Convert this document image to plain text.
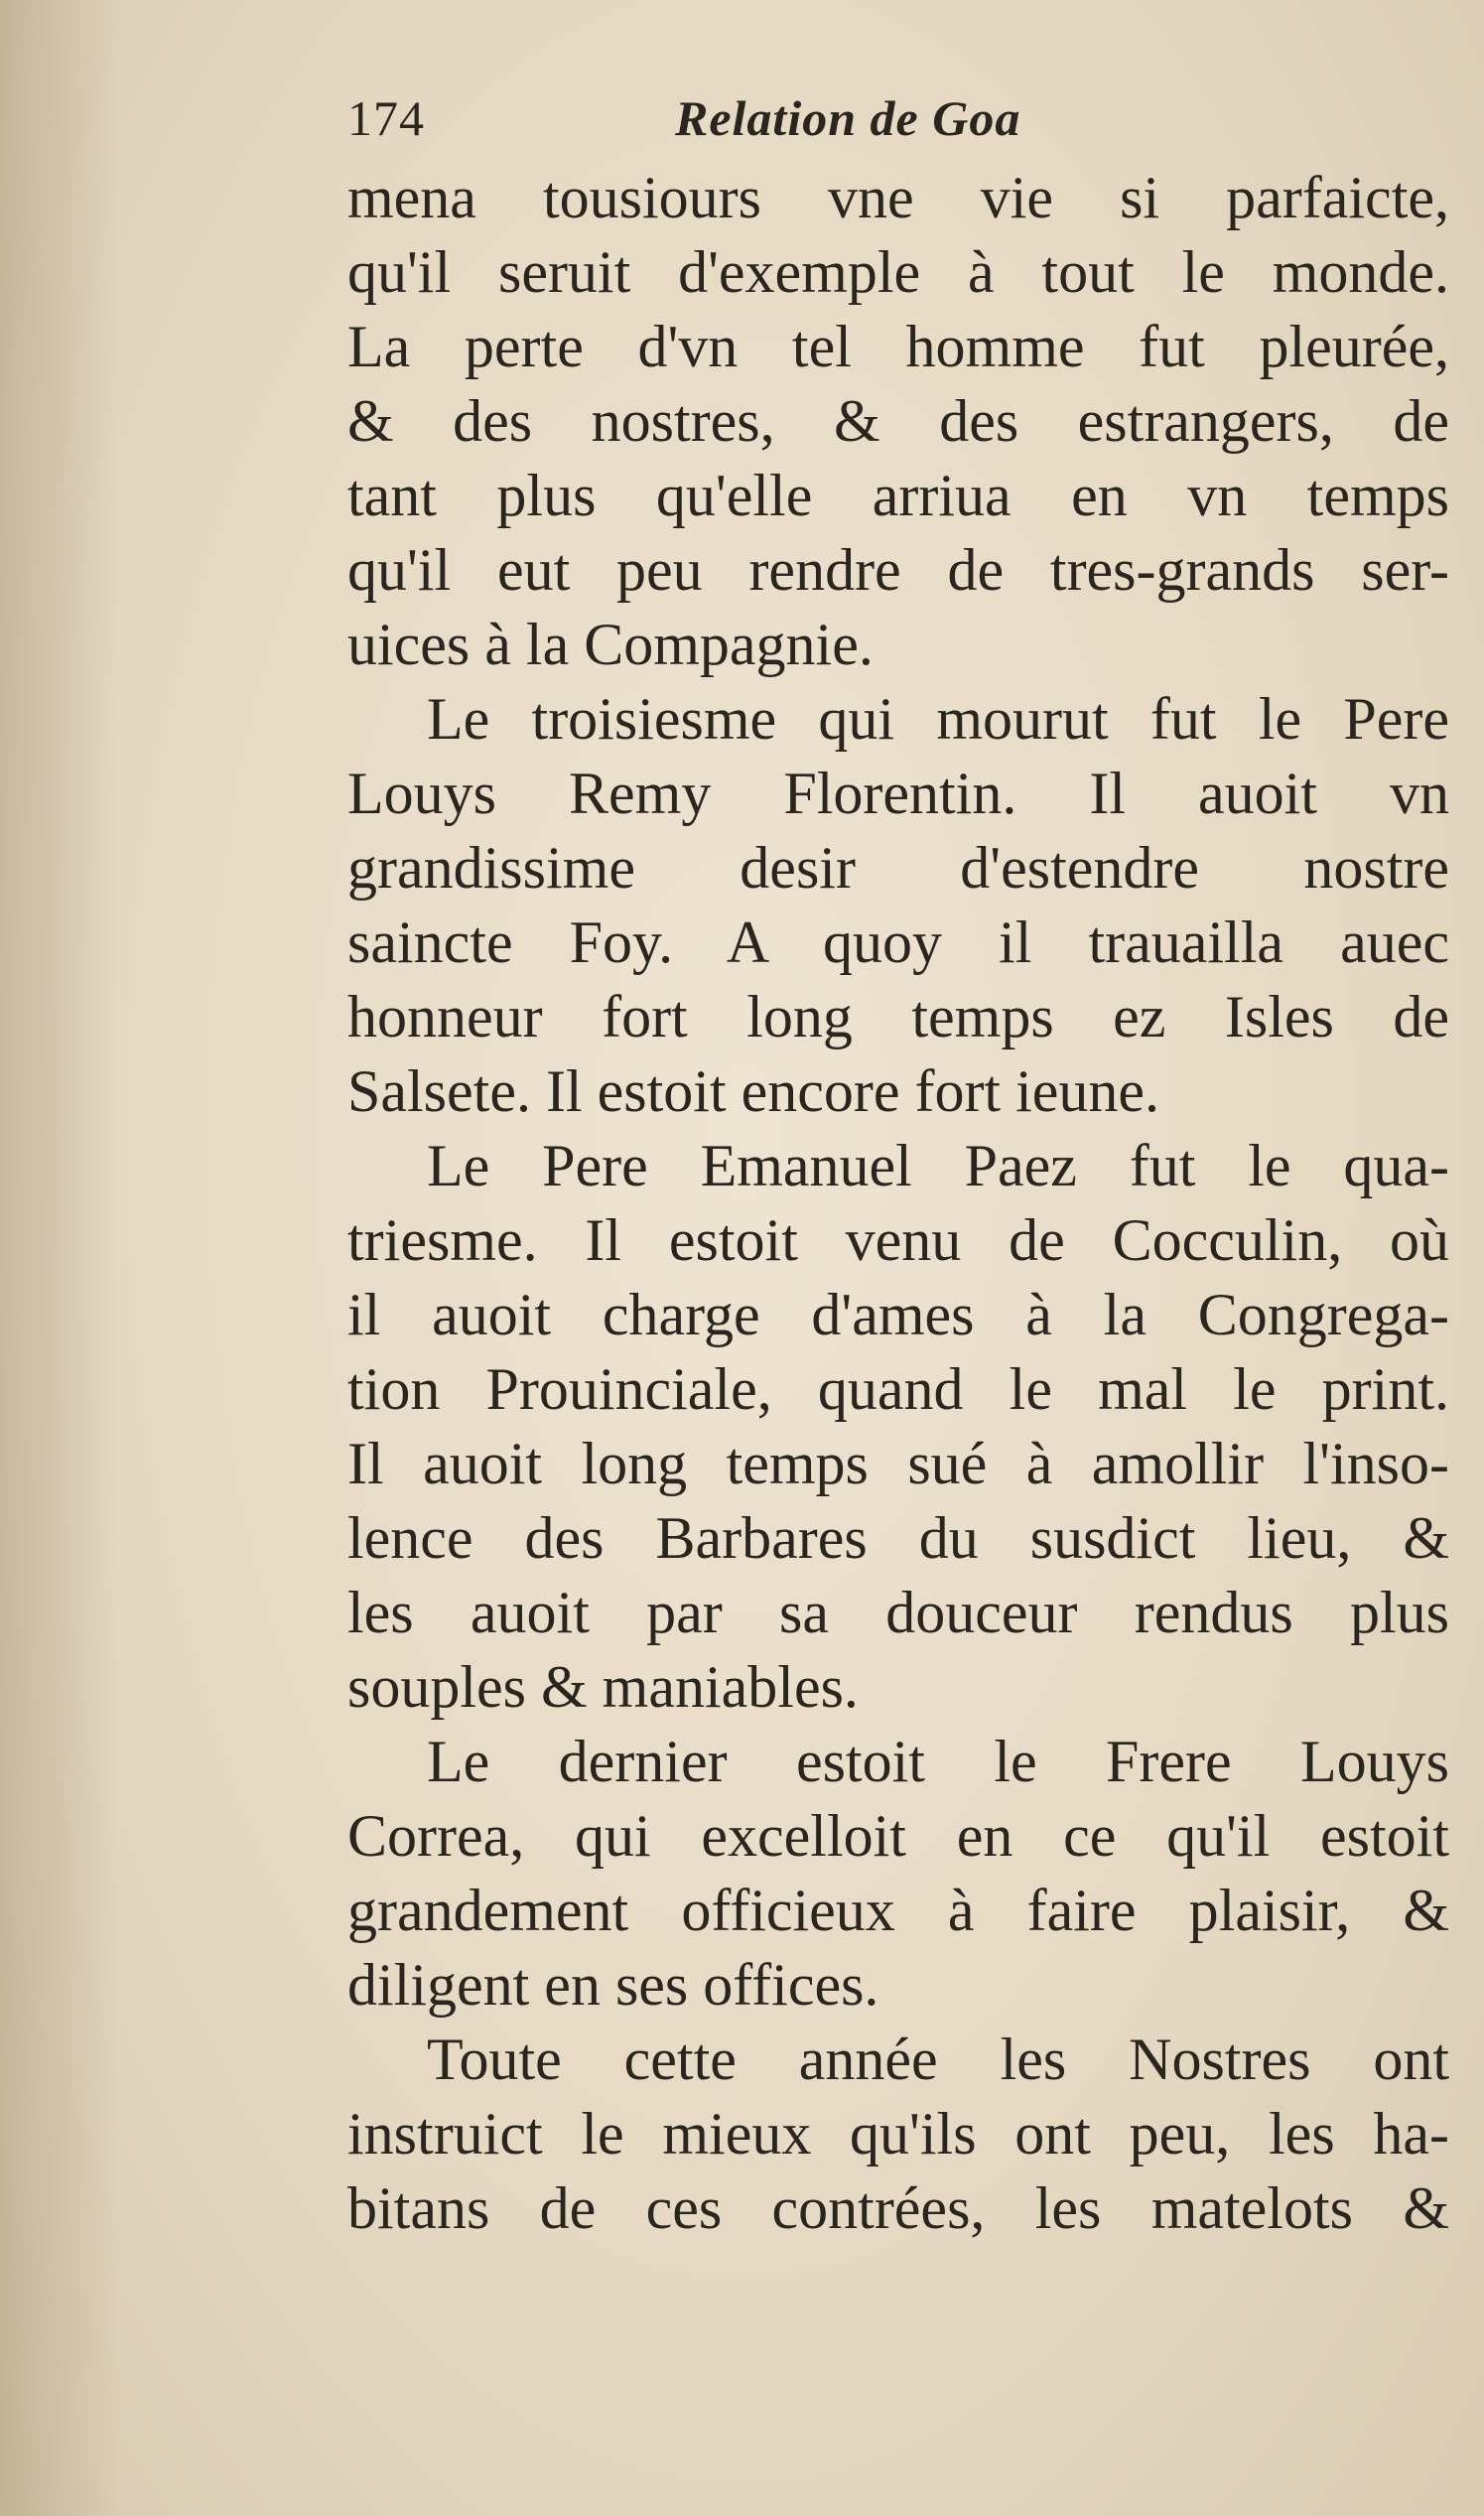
174	Relation de Goa
mena tousiours vne vie si parfaicte,
qu'il seruit d'exemple à tout le monde.
La perte d'vn tel homme fut pleurée,
& des nostres, & des estrangers, de
tant plus qu'elle arriua en vn temps
qu'il eut peu rendre de tres-grands ser-
uices à la Compagnie.
Le troisiesme qui mourut fut le Pere
Louys Remy Florentin. Il auoit vn
grandissime desir d'estendre nostre
saincte Foy. A quoy il trauailla auec
honneur fort long temps ez Isles de
Salsete. Il estoit encore fort ieune.
Le Pere Emanuel Paez fut le qua-
triesme. Il estoit venu de Cocculin, où
il auoit charge d'ames à la Congrega-
tion Prouinciale, quand le mal le print.
Il auoit long temps sué à amollir l'inso-
lence des Barbares du susdict lieu, &
les auoit par sa douceur rendus plus
souples & maniables.
Le dernier estoit le Frere Louys
Correa, qui excelloit en ce qu'il estoit
grandement officieux à faire plaisir, &
diligent en ses offices.
Toute cette année les Nostres ont
instruict le mieux qu'ils ont peu, les ha-
bitans de ces contrées, les matelots &
